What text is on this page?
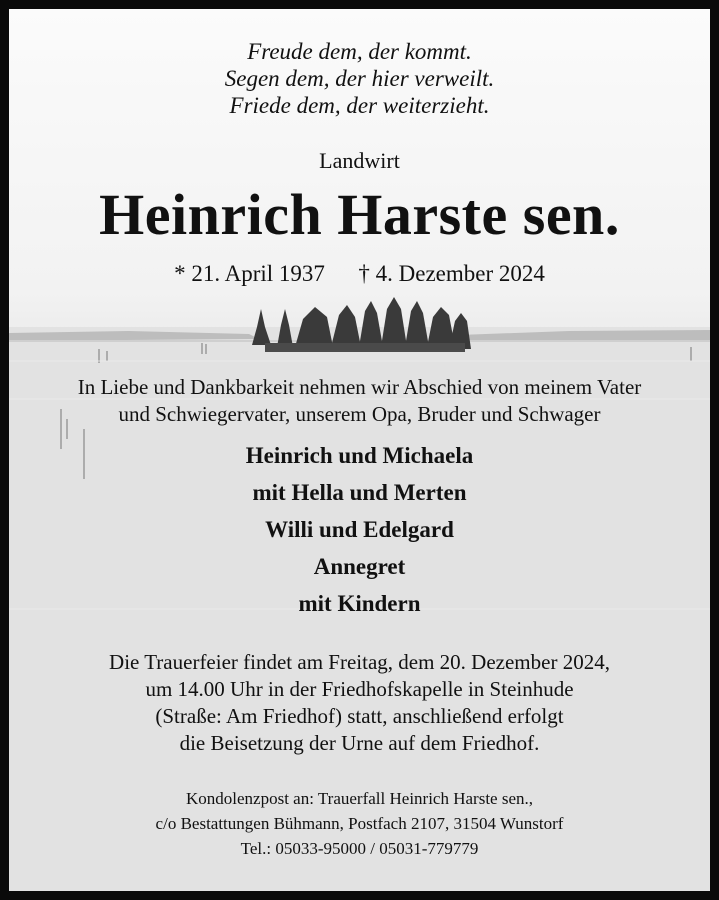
Freude dem, der kommt.
Segen dem, der hier verweilt.
Friede dem, der weiterzieht.
Landwirt
Heinrich Harste sen.
* 21. April 1937 † 4. Dezember 2024
In Liebe und Dankbarkeit nehmen wir Abschied von meinem Vater
und Schwiegervater, unserem Opa, Bruder und Schwager
Heinrich und Michaela
mit Hella und Merten
Willi und Edelgard
Annegret
mit Kindern
Die Trauerfeier findet am Freitag, dem 20. Dezember 2024,
um 14.00 Uhr in der Friedhofskapelle in Steinhude
(Straße: Am Friedhof) statt, anschließend erfolgt
die Beisetzung der Urne auf dem Friedhof.
Kondolenzpost an: Trauerfall Heinrich Harste sen.,
c/o Bestattungen Bühmann, Postfach 2107, 31504 Wunstorf
Tel.: 05033-95000 / 05031-779779
